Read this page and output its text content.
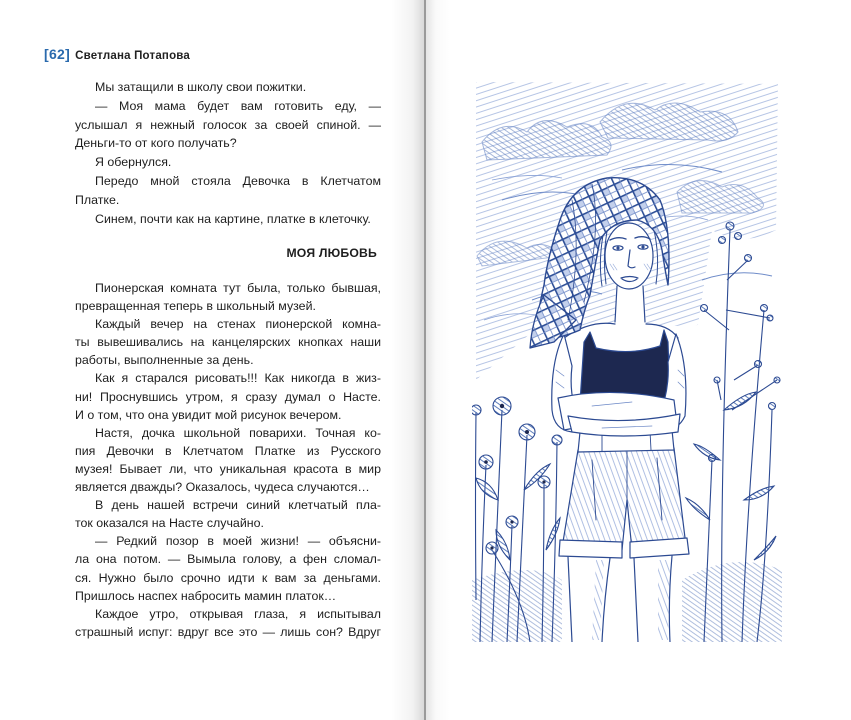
[62] Светлана Потапова
Мы затащили в школу свои пожитки.
— Моя мама будет вам готовить еду, —
услышал я нежный голосок за своей спиной. —
Деньги-то от кого получать?
Я обернулся.
Передо мной стояла Девочка в Клетчатом
Платке.
Синем, почти как на картине, платке в клеточку.
МОЯ ЛЮБОВЬ
Пионерская комната тут была, только бывшая,
превращенная теперь в школьный музей.
Каждый вечер на стенах пионерской комна-
ты вывешивались на канцелярских кнопках наши
работы, выполненные за день.
Как я старался рисовать!!! Как никогда в жиз-
ни! Проснувшись утром, я сразу думал о Насте.
И о том, что она увидит мой рисунок вечером.
Настя, дочка школьной поварихи. Точная ко-
пия Девочки в Клетчатом Платке из Русского
музея! Бывает ли, что уникальная красота в мир
является дважды? Оказалось, чудеса случаются…
В день нашей встречи синий клетчатый пла-
ток оказался на Насте случайно.
— Редкий позор в моей жизни! — объясни-
ла она потом. — Вымыла голову, а фен сломал-
ся. Нужно было срочно идти к вам за деньгами.
Пришлось наспех набросить мамин платок…
Каждое утро, открывая глаза, я испытывал
страшный испуг: вдруг все это — лишь сон? Вдруг
